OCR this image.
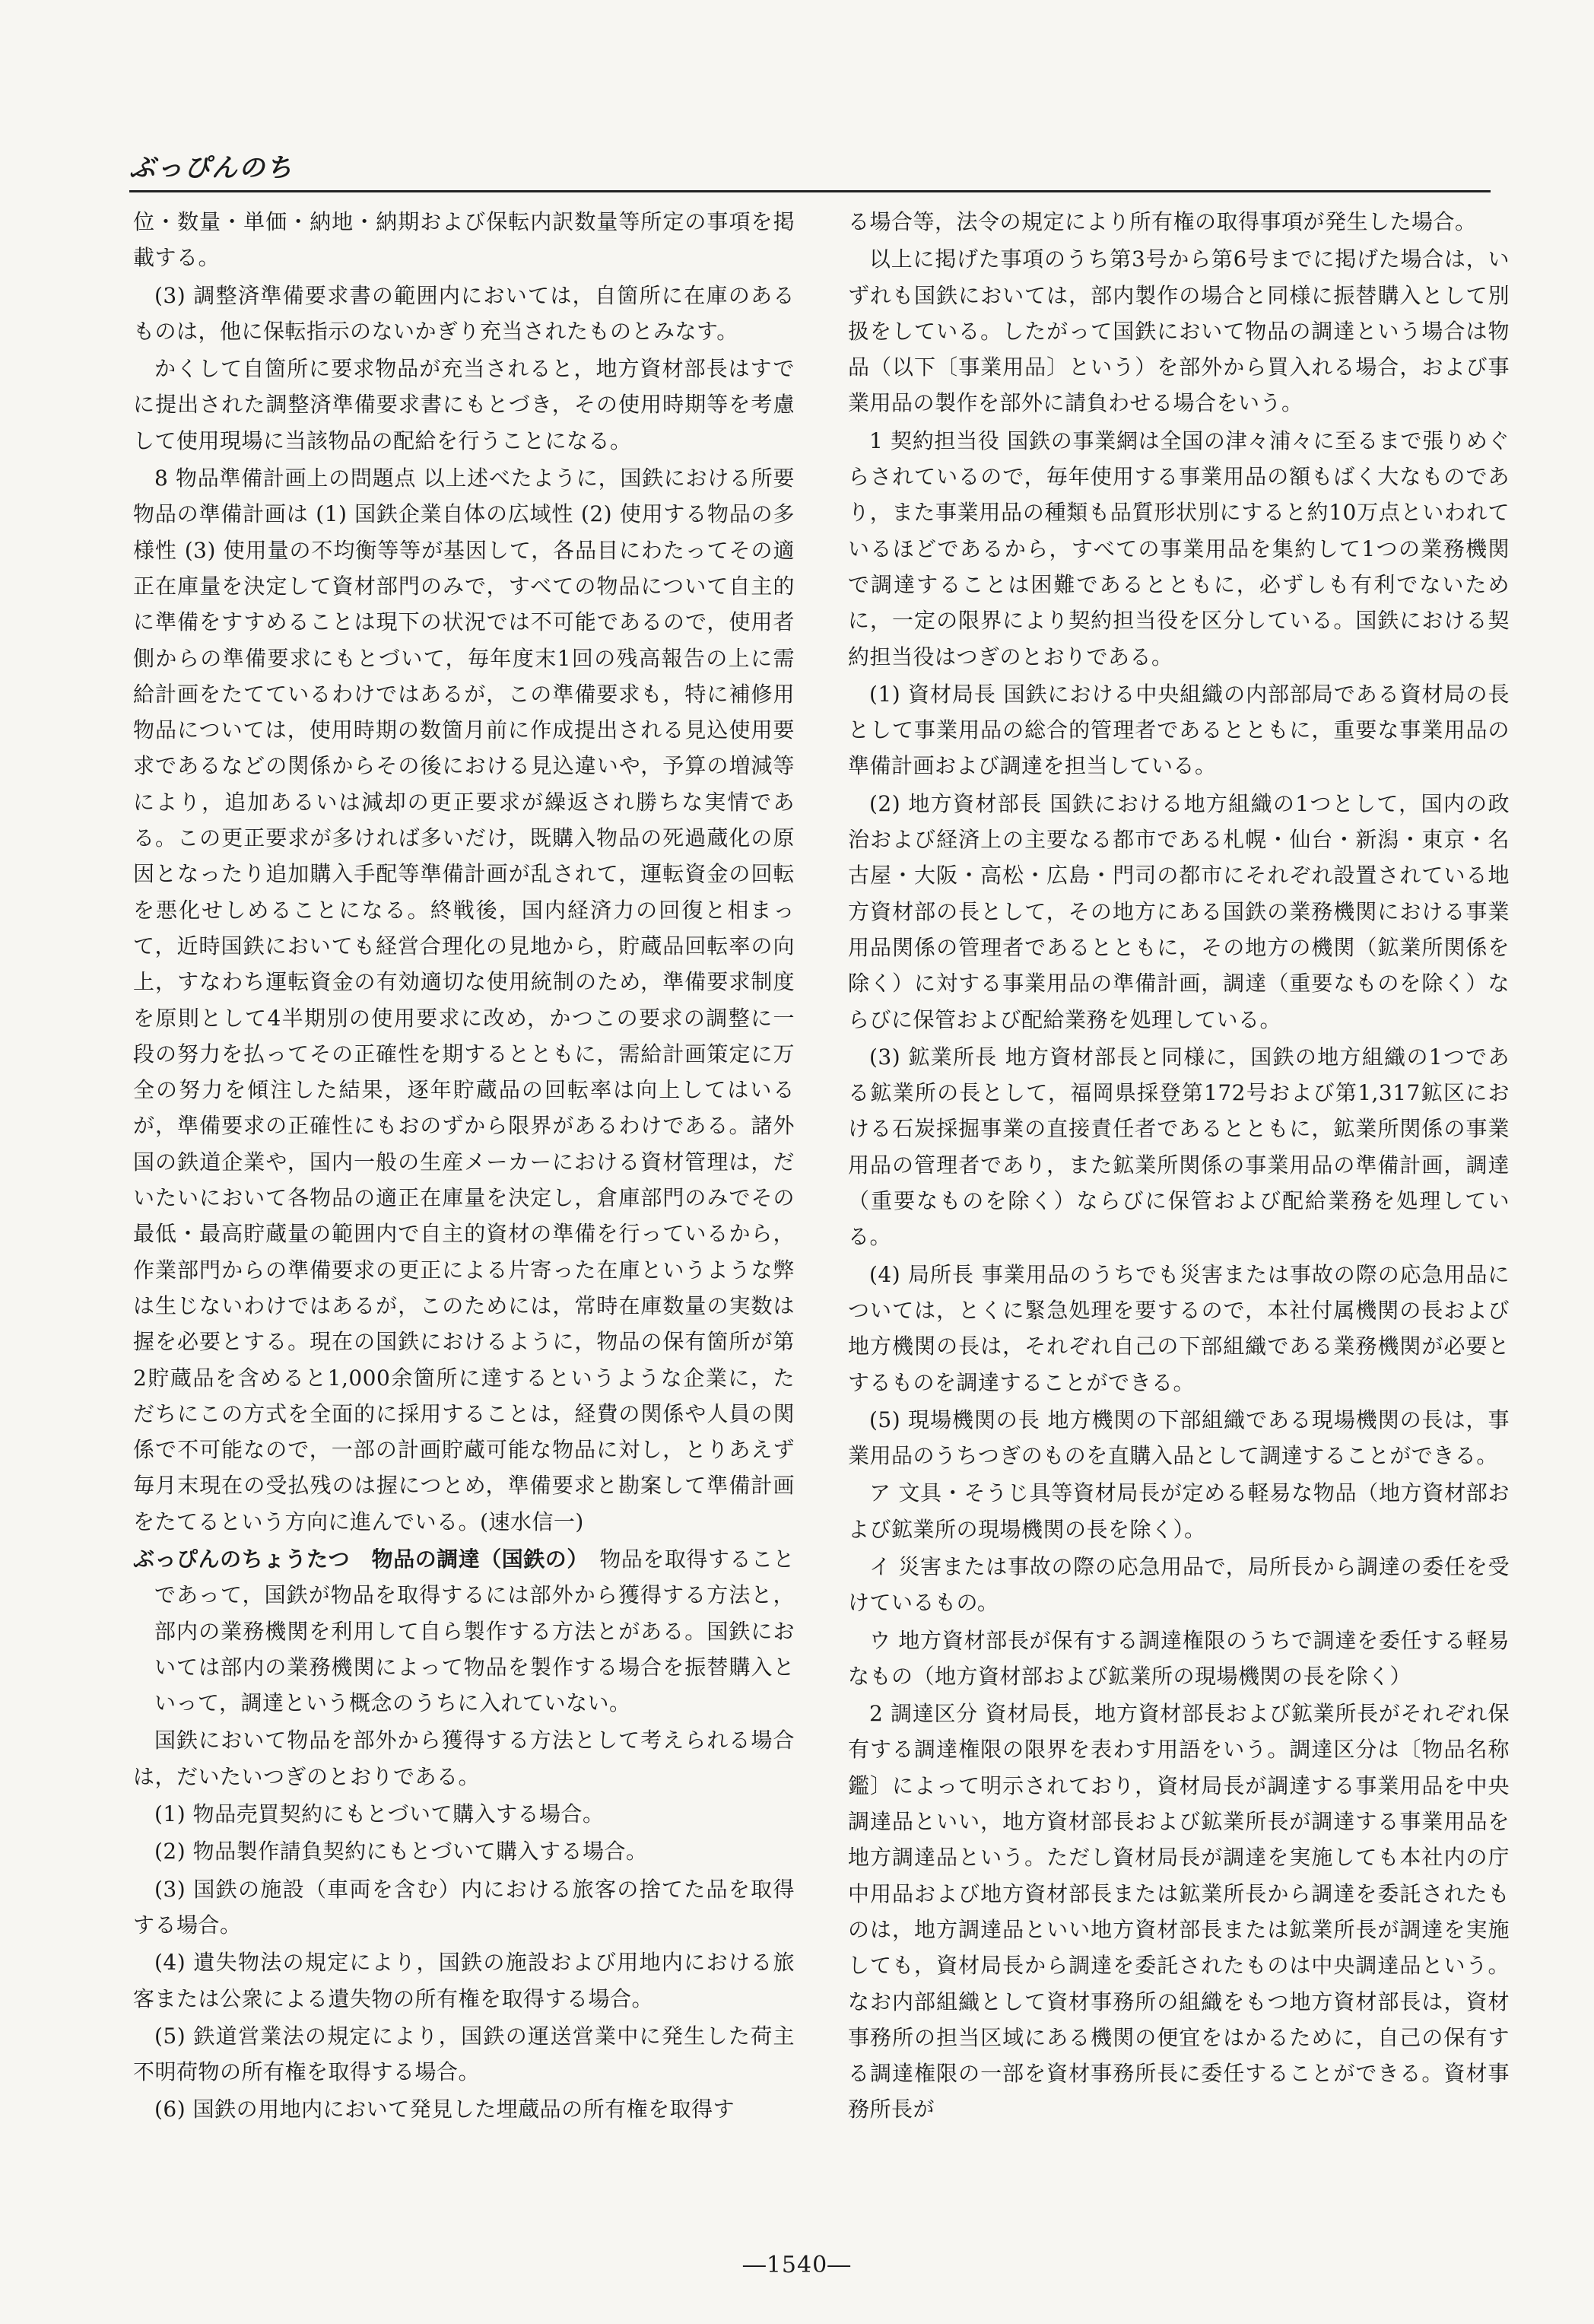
ぶっぴんのち

位・数量・単価・納地・納期および保転内訳数量等所定の事項を掲載する。

(3) 調整済準備要求書の範囲内においては，自箇所に在庫のあるものは，他に保転指示のないかぎり充当されたものとみなす。

かくして自箇所に要求物品が充当されると，地方資材部長はすでに提出された調整済準備要求書にもとづき，その使用時期等を考慮して使用現場に当該物品の配給を行うことになる。

8 物品準備計画上の問題点 以上述べたように，国鉄における所要物品の準備計画は (1) 国鉄企業自体の広域性 (2) 使用する物品の多様性 (3) 使用量の不均衡等等が基因して，各品目にわたってその適正在庫量を決定して資材部門のみで，すべての物品について自主的に準備をすすめることは現下の状況では不可能であるので，使用者側からの準備要求にもとづいて，毎年度末1回の残高報告の上に需給計画をたてているわけではあるが，この準備要求も，特に補修用物品については，使用時期の数箇月前に作成提出される見込使用要求であるなどの関係からその後における見込違いや，予算の増減等により，追加あるいは減却の更正要求が繰返され勝ちな実情である。この更正要求が多ければ多いだけ，既購入物品の死過蔵化の原因となったり追加購入手配等準備計画が乱されて，運転資金の回転を悪化せしめることになる。終戦後，国内経済力の回復と相まって，近時国鉄においても経営合理化の見地から，貯蔵品回転率の向上，すなわち運転資金の有効適切な使用統制のため，準備要求制度を原則として4半期別の使用要求に改め，かつこの要求の調整に一段の努力を払ってその正確性を期するとともに，需給計画策定に万全の努力を傾注した結果，逐年貯蔵品の回転率は向上してはいるが，準備要求の正確性にもおのずから限界があるわけである。諸外国の鉄道企業や，国内一般の生産メーカーにおける資材管理は，だいたいにおいて各物品の適正在庫量を決定し，倉庫部門のみでその最低・最高貯蔵量の範囲内で自主的資材の準備を行っているから，作業部門からの準備要求の更正による片寄った在庫というような弊は生じないわけではあるが，このためには，常時在庫数量の実数は握を必要とする。現在の国鉄におけるように，物品の保有箇所が第2貯蔵品を含めると1,000余箇所に達するというような企業に，ただちにこの方式を全面的に採用することは，経費の関係や人員の関係で不可能なので，一部の計画貯蔵可能な物品に対し，とりあえず毎月末現在の受払残のは握につとめ，準備要求と勘案して準備計画をたてるという方向に進んでいる。(速水信一)

ぶっぴんのちょうたつ　物品の調達（国鉄の）　物品を取得することであって，国鉄が物品を取得するには部外から獲得する方法と，部内の業務機関を利用して自ら製作する方法とがある。国鉄においては部内の業務機関によって物品を製作する場合を振替購入といって，調達という概念のうちに入れていない。

国鉄において物品を部外から獲得する方法として考えられる場合は，だいたいつぎのとおりである。

(1) 物品売買契約にもとづいて購入する場合。

(2) 物品製作請負契約にもとづいて購入する場合。

(3) 国鉄の施設（車両を含む）内における旅客の捨てた品を取得する場合。

(4) 遺失物法の規定により，国鉄の施設および用地内における旅客または公衆による遺失物の所有権を取得する場合。

(5) 鉄道営業法の規定により，国鉄の運送営業中に発生した荷主不明荷物の所有権を取得する場合。

(6) 国鉄の用地内において発見した埋蔵品の所有権を取得す

る場合等，法令の規定により所有権の取得事項が発生した場合。

以上に掲げた事項のうち第3号から第6号までに掲げた場合は，いずれも国鉄においては，部内製作の場合と同様に振替購入として別扱をしている。したがって国鉄において物品の調達という場合は物品（以下〔事業用品〕という）を部外から買入れる場合，および事業用品の製作を部外に請負わせる場合をいう。

1 契約担当役 国鉄の事業網は全国の津々浦々に至るまで張りめぐらされているので，毎年使用する事業用品の額もばく大なものであり，また事業用品の種類も品質形状別にすると約10万点といわれているほどであるから，すべての事業用品を集約して1つの業務機関で調達することは困難であるとともに，必ずしも有利でないために，一定の限界により契約担当役を区分している。国鉄における契約担当役はつぎのとおりである。

(1) 資材局長 国鉄における中央組織の内部部局である資材局の長として事業用品の総合的管理者であるとともに，重要な事業用品の準備計画および調達を担当している。

(2) 地方資材部長 国鉄における地方組織の1つとして，国内の政治および経済上の主要なる都市である札幌・仙台・新潟・東京・名古屋・大阪・高松・広島・門司の都市にそれぞれ設置されている地方資材部の長として，その地方にある国鉄の業務機関における事業用品関係の管理者であるとともに，その地方の機関（鉱業所関係を除く）に対する事業用品の準備計画，調達（重要なものを除く）ならびに保管および配給業務を処理している。

(3) 鉱業所長 地方資材部長と同様に，国鉄の地方組織の1つである鉱業所の長として，福岡県採登第172号および第1,317鉱区における石炭採掘事業の直接責任者であるとともに，鉱業所関係の事業用品の管理者であり，また鉱業所関係の事業用品の準備計画，調達（重要なものを除く）ならびに保管および配給業務を処理している。

(4) 局所長 事業用品のうちでも災害または事故の際の応急用品については，とくに緊急処理を要するので，本社付属機関の長および地方機関の長は，それぞれ自己の下部組織である業務機関が必要とするものを調達することができる。

(5) 現場機関の長 地方機関の下部組織である現場機関の長は，事業用品のうちつぎのものを直購入品として調達することができる。

ア 文具・そうじ具等資材局長が定める軽易な物品（地方資材部および鉱業所の現場機関の長を除く）。

イ 災害または事故の際の応急用品で，局所長から調達の委任を受けているもの。

ウ 地方資材部長が保有する調達権限のうちで調達を委任する軽易なもの（地方資材部および鉱業所の現場機関の長を除く）

2 調達区分 資材局長，地方資材部長および鉱業所長がそれぞれ保有する調達権限の限界を表わす用語をいう。調達区分は〔物品名称鑑〕によって明示されており，資材局長が調達する事業用品を中央調達品といい，地方資材部長および鉱業所長が調達する事業用品を地方調達品という。ただし資材局長が調達を実施しても本社内の庁中用品および地方資材部長または鉱業所長から調達を委託されたものは，地方調達品といい地方資材部長または鉱業所長が調達を実施しても，資材局長から調達を委託されたものは中央調達品という。なお内部組織として資材事務所の組織をもつ地方資材部長は，資材事務所の担当区域にある機関の便宜をはかるために，自己の保有する調達権限の一部を資材事務所長に委任することができる。資材事務所長が

―1540―
